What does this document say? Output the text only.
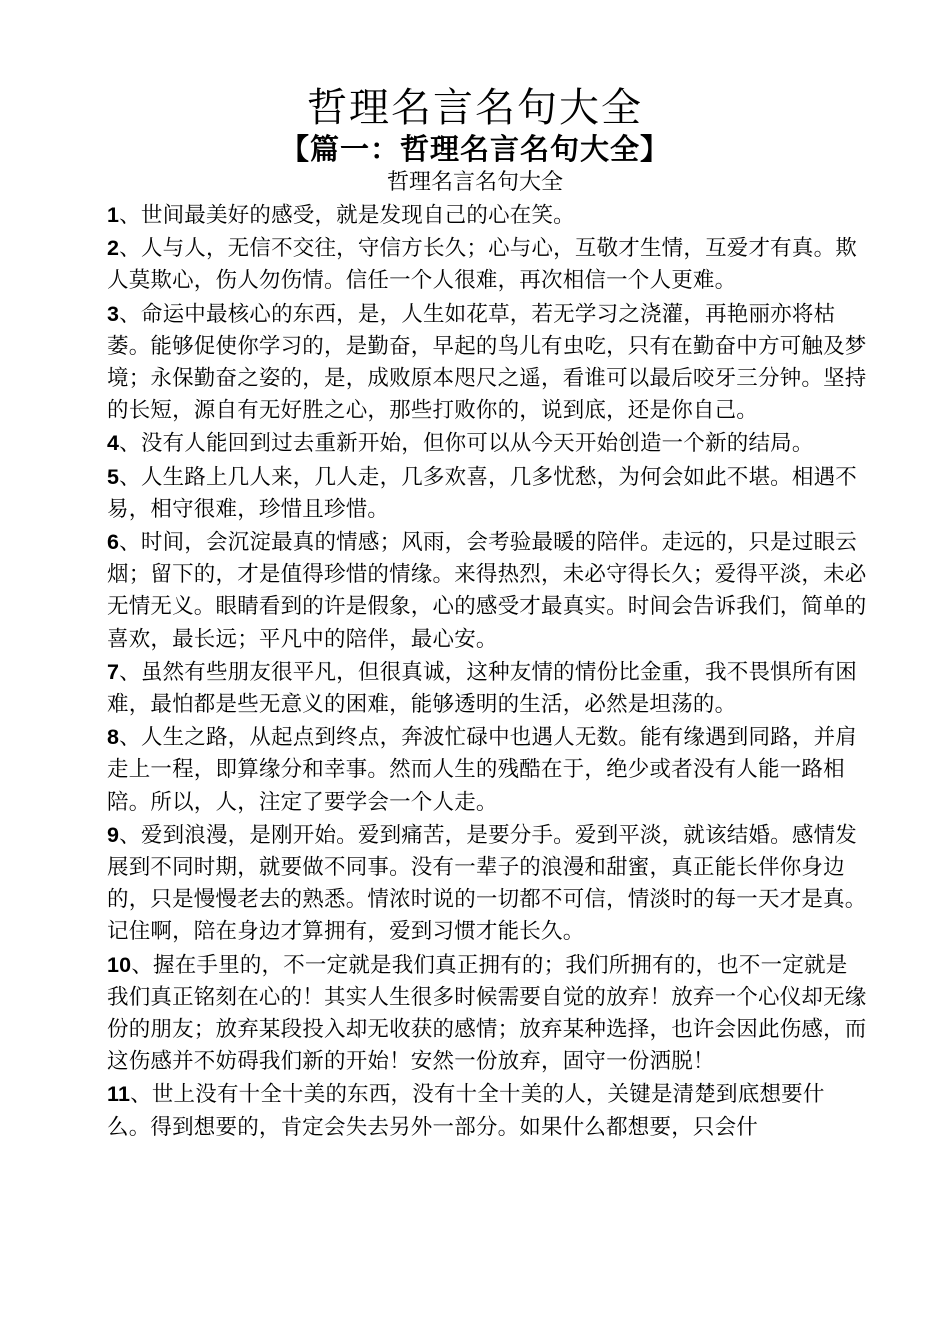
哲理名言名句大全
【篇一：哲理名言名句大全】
哲理名言名句大全

1、世间最美好的感受，就是发现自己的心在笑。

2、人与人，无信不交往，守信方长久；心与心，互敬才生情，互爱才有真。欺人莫欺心，伤人勿伤情。信任一个人很难，再次相信一个人更难。

3、命运中最核心的东西，是，人生如花草，若无学习之浇灌，再艳丽亦将枯萎。能够促使你学习的，是勤奋，早起的鸟儿有虫吃，只有在勤奋中方可触及梦境；永保勤奋之姿的，是，成败原本咫尺之遥，看谁可以最后咬牙三分钟。坚持的长短，源自有无好胜之心，那些打败你的，说到底，还是你自己。

4、没有人能回到过去重新开始，但你可以从今天开始创造一个新的结局。

5、人生路上几人来，几人走，几多欢喜，几多忧愁，为何会如此不堪。相遇不易，相守很难，珍惜且珍惜。

6、时间，会沉淀最真的情感；风雨，会考验最暖的陪伴。走远的，只是过眼云烟；留下的，才是值得珍惜的情缘。来得热烈，未必守得长久；爱得平淡，未必无情无义。眼睛看到的许是假象，心的感受才最真实。时间会告诉我们，简单的喜欢，最长远；平凡中的陪伴，最心安。

7、虽然有些朋友很平凡，但很真诚，这种友情的情份比金重，我不畏惧所有困难，最怕都是些无意义的困难，能够透明的生活，必然是坦荡的。

8、人生之路，从起点到终点，奔波忙碌中也遇人无数。能有缘遇到同路，并肩走上一程，即算缘分和幸事。然而人生的残酷在于，绝少或者没有人能一路相陪。所以，人，注定了要学会一个人走。

9、爱到浪漫，是刚开始。爱到痛苦，是要分手。爱到平淡，就该结婚。感情发展到不同时期，就要做不同事。没有一辈子的浪漫和甜蜜，真正能长伴你身边的，只是慢慢老去的熟悉。情浓时说的一切都不可信，情淡时的每一天才是真。记住啊，陪在身边才算拥有，爱到习惯才能长久。

10、握在手里的，不一定就是我们真正拥有的；我们所拥有的，也不一定就是我们真正铭刻在心的！其实人生很多时候需要自觉的放弃！放弃一个心仪却无缘份的朋友；放弃某段投入却无收获的感情；放弃某种选择，也许会因此伤感，而这伤感并不妨碍我们新的开始！安然一份放弃，固守一份洒脱！

11、世上没有十全十美的东西，没有十全十美的人，关键是清楚到底想要什么。得到想要的，肯定会失去另外一部分。如果什么都想要，只会什
